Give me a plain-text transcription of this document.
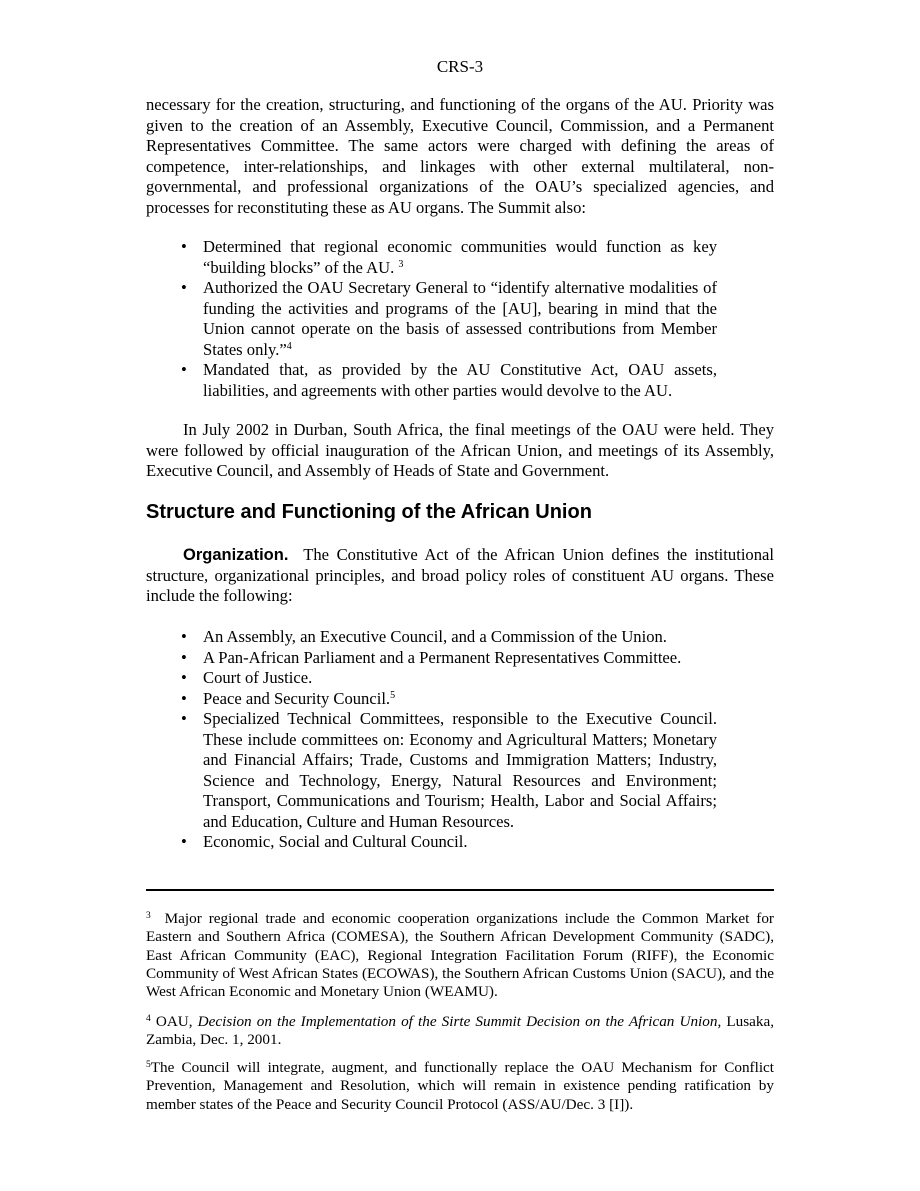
CRS-3

necessary for the creation, structuring, and functioning of the organs of the AU. Priority was given to the creation of an Assembly, Executive Council, Commission, and a Permanent Representatives Committee. The same actors were charged with defining the areas of competence, inter-relationships, and linkages with other external multilateral, non-governmental, and professional organizations of the OAU’s specialized agencies, and processes for reconstituting these as AU organs. The Summit also:

• Determined that regional economic communities would function as key “building blocks” of the AU. $^3$
• Authorized the OAU Secretary General to “identify alternative modalities of funding the activities and programs of the [AU], bearing in mind that the Union cannot operate on the basis of assessed contributions from Member States only.”$^4$
• Mandated that, as provided by the AU Constitutive Act, OAU assets, liabilities, and agreements with other parties would devolve to the AU.

In July 2002 in Durban, South Africa, the final meetings of the OAU were held. They were followed by official inauguration of the African Union, and meetings of its Assembly, Executive Council, and Assembly of Heads of State and Government.

Structure and Functioning of the African Union

Organization. The Constitutive Act of the African Union defines the institutional structure, organizational principles, and broad policy roles of constituent AU organs. These include the following:

• An Assembly, an Executive Council, and a Commission of the Union.
• A Pan-African Parliament and a Permanent Representatives Committee.
• Court of Justice.
• Peace and Security Council.$^5$
• Specialized Technical Committees, responsible to the Executive Council. These include committees on: Economy and Agricultural Matters; Monetary and Financial Affairs; Trade, Customs and Immigration Matters; Industry, Science and Technology, Energy, Natural Resources and Environment; Transport, Communications and Tourism; Health, Labor and Social Affairs; and Education, Culture and Human Resources.
• Economic, Social and Cultural Council.

$^3$ Major regional trade and economic cooperation organizations include the Common Market for Eastern and Southern Africa (COMESA), the Southern African Development Community (SADC), East African Community (EAC), Regional Integration Facilitation Forum (RIFF), the Economic Community of West African States (ECOWAS), the Southern African Customs Union (SACU), and the West African Economic and Monetary Union (WEAMU).

$^4$ OAU, Decision on the Implementation of the Sirte Summit Decision on the African Union, Lusaka, Zambia, Dec. 1, 2001.

$^5$The Council will integrate, augment, and functionally replace the OAU Mechanism for Conflict Prevention, Management and Resolution, which will remain in existence pending ratification by member states of the Peace and Security Council Protocol (ASS/AU/Dec. 3 [I]).
